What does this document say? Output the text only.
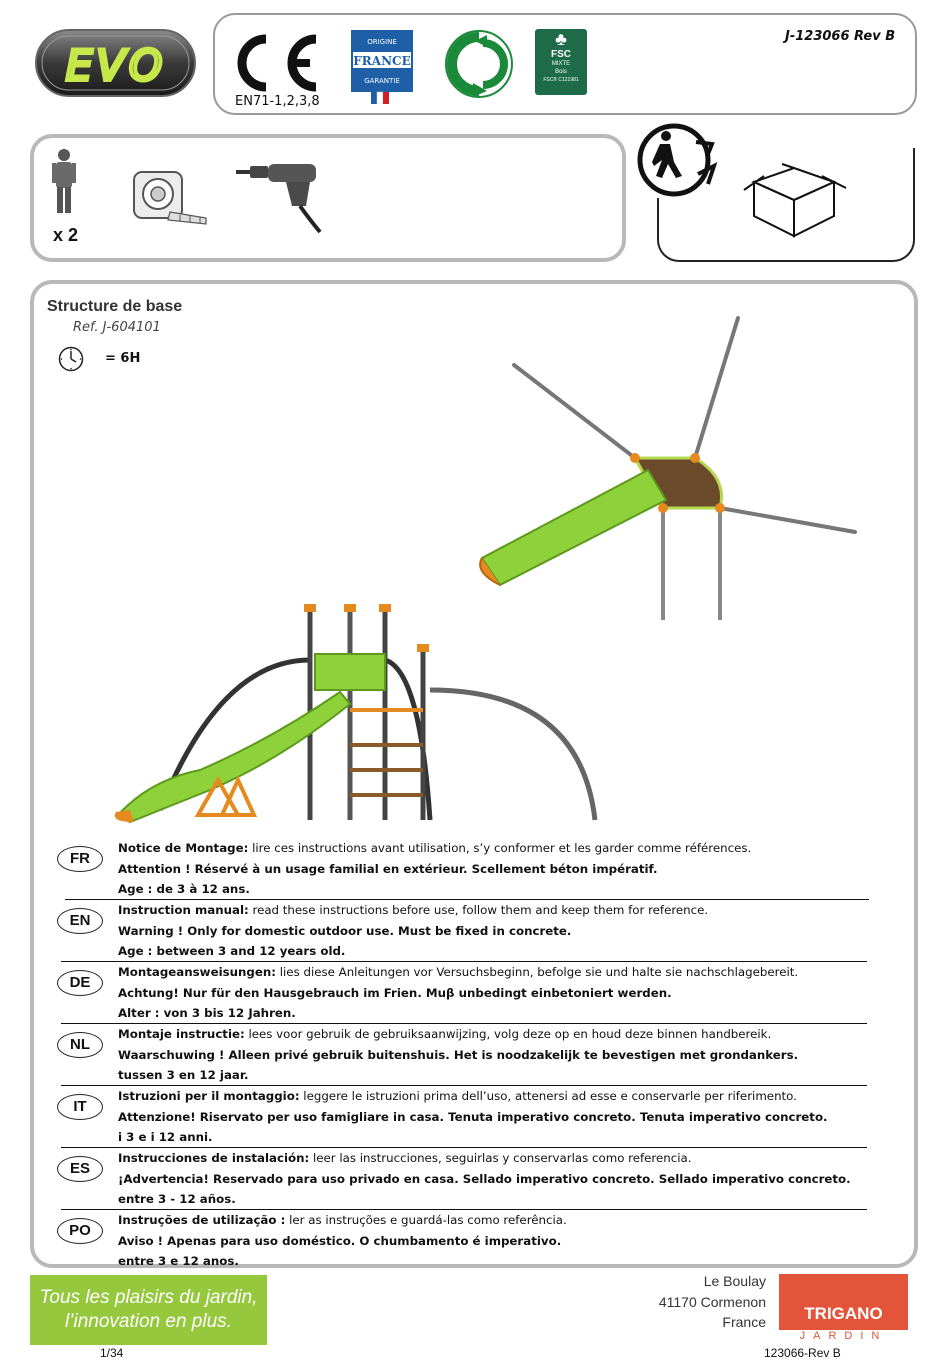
EVO
EN71-1,2,3,8
ORIGINE
FRANCE
GARANTIE
♣
FSC
MIXTE
Bois
FSC® C121981
J-123066 Rev B
x 2
Structure de base
Ref. J-604101
= 6H
FR
Notice de Montage: lire ces instructions avant utilisation, s’y conformer et les garder comme références.
Attention ! Réservé à un usage familial en extérieur. Scellement béton impératif.
Age : de 3 à 12 ans.
EN
Instruction manual: read these instructions before use, follow them and keep them for reference.
Warning ! Only for domestic outdoor use. Must be fixed in concrete.
Age : between 3 and 12 years old.
DE
Montageansweisungen: lies diese Anleitungen vor Versuchsbeginn, befolge sie und halte sie nachschlagebereit.
Achtung! Nur für den Hausgebrauch im Frien. Muβ unbedingt einbetoniert werden.
Alter : von 3 bis 12 Jahren.
NL
Montaje instructie: lees voor gebruik de gebruiksaanwijzing, volg deze op en houd deze binnen handbereik.
Waarschuwing ! Alleen privé gebruik buitenshuis. Het is noodzakelijk te bevestigen met grondankers.
tussen 3 en 12 jaar.
IT
Istruzioni per il montaggio: leggere le istruzioni prima dell’uso, attenersi ad esse e conservarle per riferimento.
Attenzione! Riservato per uso famigliare in casa. Tenuta imperativo concreto. Tenuta imperativo concreto.
i 3 e i 12 anni.
ES
Instrucciones de instalación: leer las instrucciones, seguirlas y conservarlas como referencia.
¡Advertencia! Reservado para uso privado en casa. Sellado imperativo concreto. Sellado imperativo concreto.
entre 3 - 12 años.
PO
Instruções de utilização : ler as instruções e guardá-las como referência.
Aviso ! Apenas para uso doméstico. O chumbamento é imperativo.
entre 3 e 12 anos.
Tous les plaisirs du jardin,
l’innovation en plus.
Le Boulay
41170 Cormenon
France	TRIGANO
JARDIN
1/34	123066-Rev B
